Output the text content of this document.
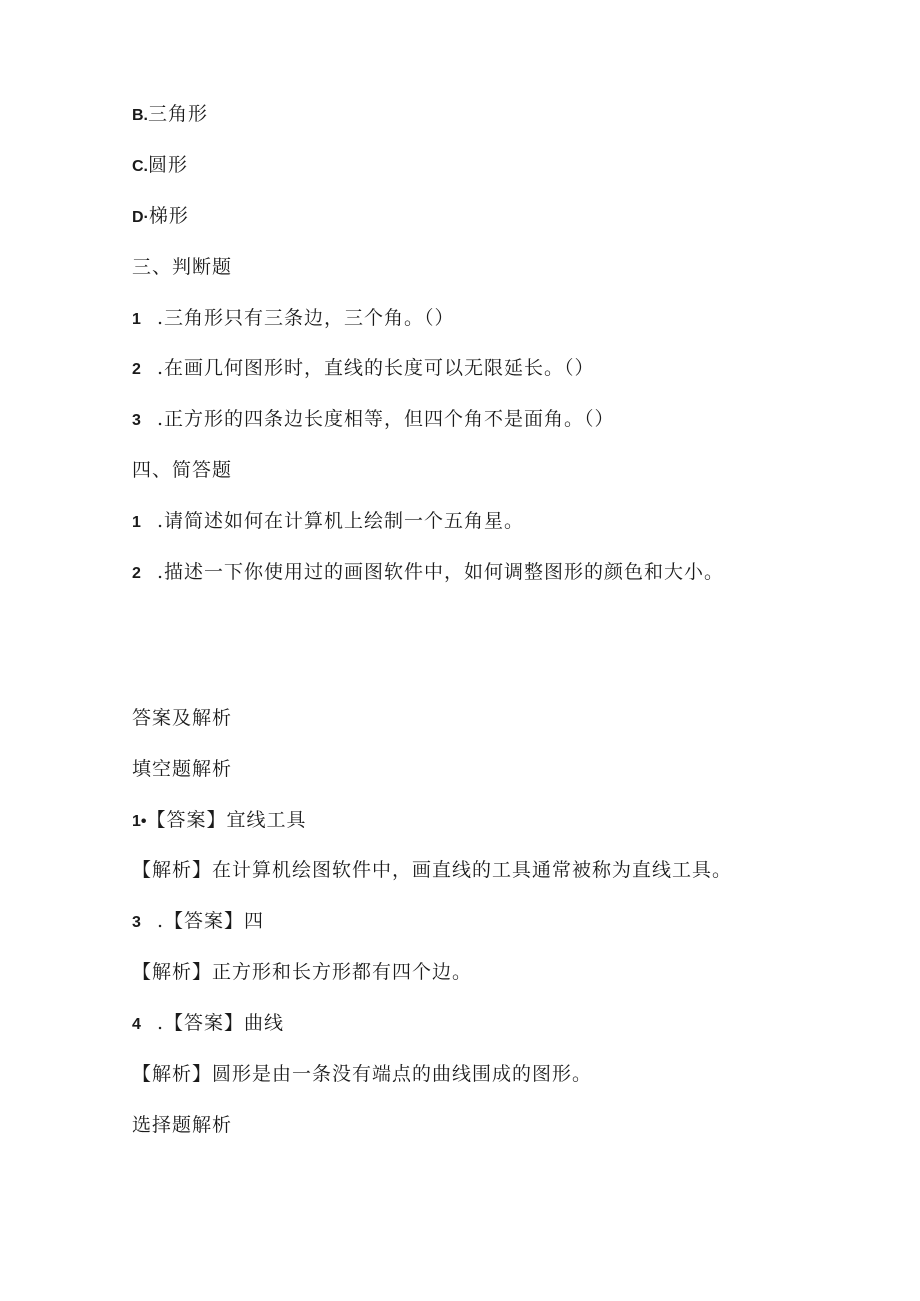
B.三角形
C.圆形
D·梯形
三、判断题
1 .三角形只有三条边，三个角。（）
2 .在画几何图形时，直线的长度可以无限延长。（）
3 .正方形的四条边长度相等，但四个角不是面角。（）
四、简答题
1 .请简述如何在计算机上绘制一个五角星。
2 .描述一下你使用过的画图软件中，如何调整图形的颜色和大小。
答案及解析
填空题解析
1•【答案】宜线工具
【解析】在计算机绘图软件中，画直线的工具通常被称为直线工具。
3 .【答案】四
【解析】正方形和长方形都有四个边。
4 .【答案】曲线
【解析】圆形是由一条没有端点的曲线围成的图形。
选择题解析
